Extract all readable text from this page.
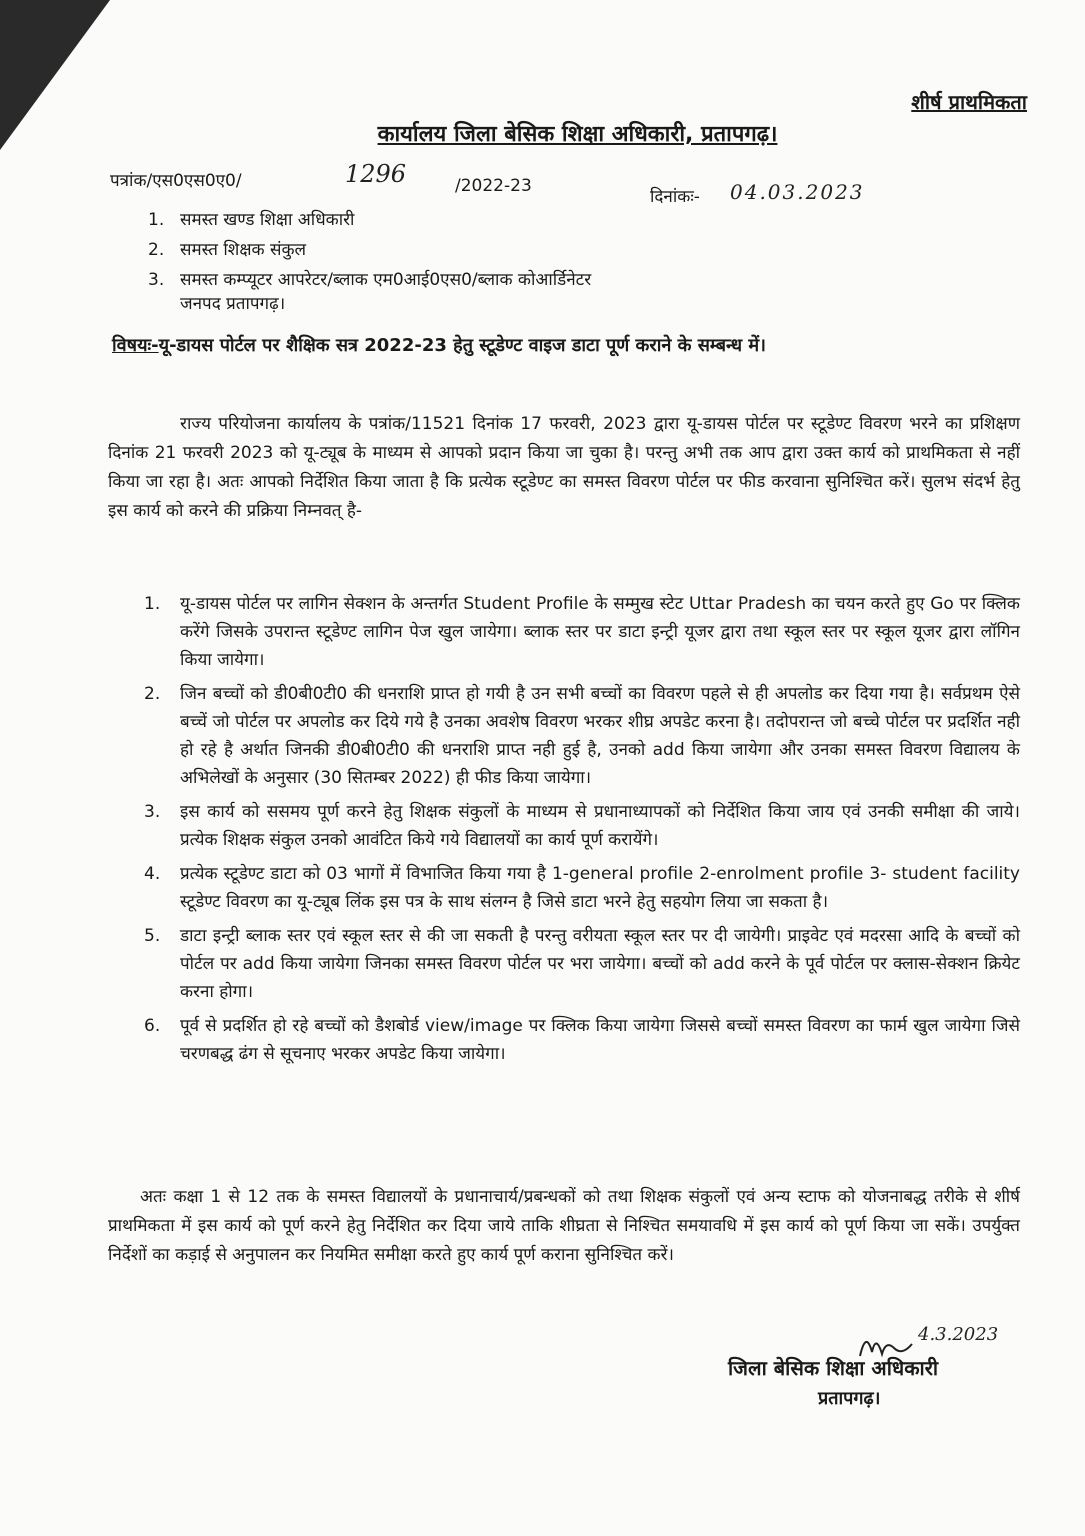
शीर्ष प्राथमिकता
कार्यालय जिला बेसिक शिक्षा अधिकारी, प्रतापगढ़।
पत्रांक/एस0एस0ए0/	1296	/2022-23
दिनांकः- 04.03.2023
1. समस्त खण्ड शिक्षा अधिकारी
2. समस्त शिक्षक संकुल
3. समस्त कम्प्यूटर आपरेटर/ब्लाक एम0आई0एस0/ब्लाक कोआर्डिनेटर
जनपद प्रतापगढ़।
विषयः-यू-डायस पोर्टल पर शैक्षिक सत्र 2022-23 हेतु स्टूडेण्ट वाइज डाटा पूर्ण कराने के सम्बन्ध में।
राज्य परियोजना कार्यालय के पत्रांक/11521 दिनांक 17 फरवरी, 2023 द्वारा यू-डायस पोर्टल पर स्टूडेण्ट विवरण भरने का प्रशिक्षण दिनांक 21 फरवरी 2023 को यू-ट्यूब के माध्यम से आपको प्रदान किया जा चुका है। परन्तु अभी तक आप द्वारा उक्त कार्य को प्राथमिकता से नहीं किया जा रहा है। अतः आपको निर्देशित किया जाता है कि प्रत्येक स्टूडेण्ट का समस्त विवरण पोर्टल पर फीड करवाना सुनिश्चित करें। सुलभ संदर्भ हेतु इस कार्य को करने की प्रक्रिया निम्नवत् है-
1.	यू-डायस पोर्टल पर लागिन सेक्शन के अन्तर्गत Student Profile के सम्मुख स्टेट Uttar Pradesh का चयन करते हुए Go पर क्लिक करेंगे जिसके उपरान्त स्टूडेण्ट लागिन पेज खुल जायेगा। ब्लाक स्तर पर डाटा इन्ट्री यूजर द्वारा तथा स्कूल स्तर पर स्कूल यूजर द्वारा लॉगिन किया जायेगा।
2.	जिन बच्चों को डी0बी0टी0 की धनराशि प्राप्त हो गयी है उन सभी बच्चों का विवरण पहले से ही अपलोड कर दिया गया है। सर्वप्रथम ऐसे बच्चें जो पोर्टल पर अपलोड कर दिये गये है उनका अवशेष विवरण भरकर शीघ्र अपडेट करना है। तदोपरान्त जो बच्चे पोर्टल पर प्रदर्शित नही हो रहे है अर्थात जिनकी डी0बी0टी0 की धनराशि प्राप्त नही हुई है, उनको add किया जायेगा और उनका समस्त विवरण विद्यालय के अभिलेखों के अनुसार (30 सितम्बर 2022) ही फीड किया जायेगा।
3.	इस कार्य को ससमय पूर्ण करने हेतु शिक्षक संकुलों के माध्यम से प्रधानाध्यापकों को निर्देशित किया जाय एवं उनकी समीक्षा की जाये। प्रत्येक शिक्षक संकुल उनको आवंटित किये गये विद्यालयों का कार्य पूर्ण करायेंगे।
4.	प्रत्येक स्टूडेण्ट डाटा को 03 भागों में विभाजित किया गया है 1-general profile 2-enrolment profile 3- student facility स्टूडेण्ट विवरण का यू-ट्यूब लिंक इस पत्र के साथ संलग्न है जिसे डाटा भरने हेतु सहयोग लिया जा सकता है।
5.	डाटा इन्ट्री ब्लाक स्तर एवं स्कूल स्तर से की जा सकती है परन्तु वरीयता स्कूल स्तर पर दी जायेगी। प्राइवेट एवं मदरसा आदि के बच्चों को पोर्टल पर add किया जायेगा जिनका समस्त विवरण पोर्टल पर भरा जायेगा। बच्चों को add करने के पूर्व पोर्टल पर क्लास-सेक्शन क्रियेट करना होगा।
6.	पूर्व से प्रदर्शित हो रहे बच्चों को डैशबोर्ड view/image पर क्लिक किया जायेगा जिससे बच्चों समस्त विवरण का फार्म खुल जायेगा जिसे चरणबद्ध ढंग से सूचनाए भरकर अपडेट किया जायेगा।
अतः कक्षा 1 से 12 तक के समस्त विद्यालयों के प्रधानाचार्य/प्रबन्धकों को तथा शिक्षक संकुलों एवं अन्य स्टाफ को योजनाबद्ध तरीके से शीर्ष प्राथमिकता में इस कार्य को पूर्ण करने हेतु निर्देशित कर दिया जाये ताकि शीघ्रता से निश्चित समयावधि में इस कार्य को पूर्ण किया जा सकें। उपर्युक्त निर्देशों का कड़ाई से अनुपालन कर नियमित समीक्षा करते हुए कार्य पूर्ण कराना सुनिश्चित करें।
4.3.2023
जिला बेसिक शिक्षा अधिकारी
प्रतापगढ़।
